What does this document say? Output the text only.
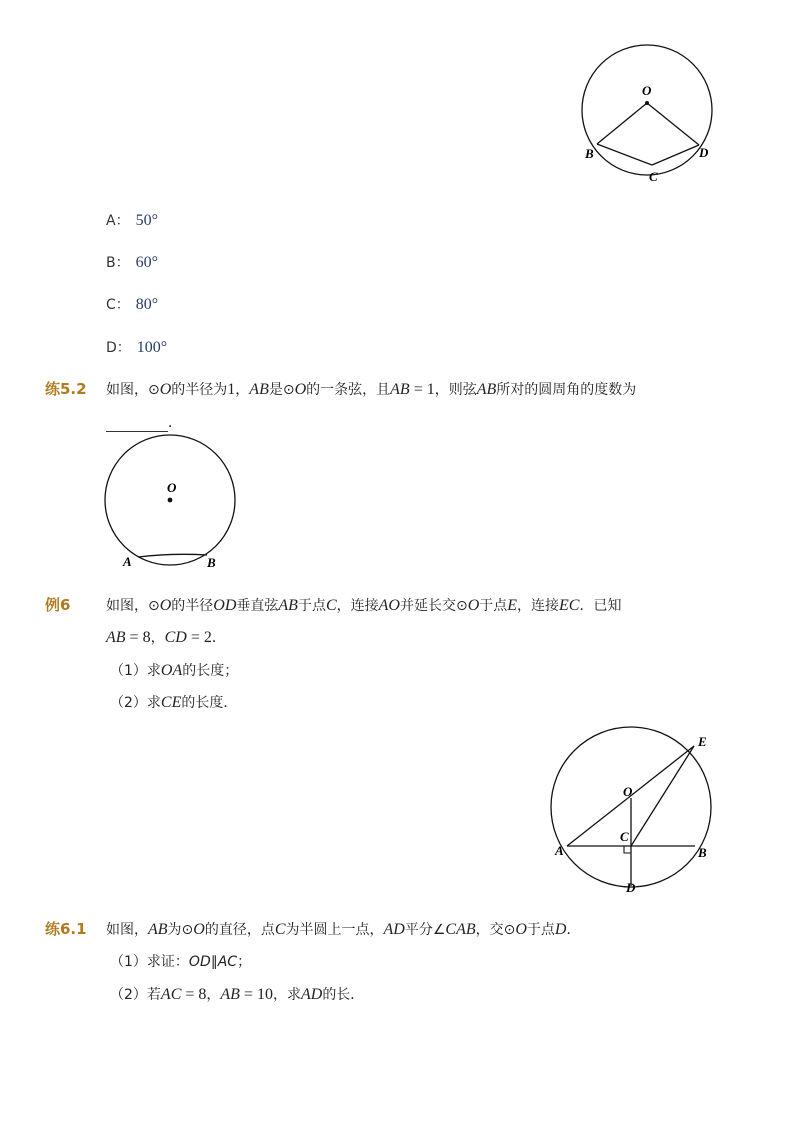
O
B
C
D
A： 50°
B： 60°
C： 80°
D： 100°
练5.2 如图，⊙O的半径为1，AB是⊙O的一条弦，且AB = 1，则弦AB所对的圆周角的度数为
．
O
A	B
例6	如图，⊙O的半径OD垂直弦AB于点C，连接AO并延长交⊙O于点E，连接EC．已知
AB = 8，CD = 2．
（1）求OA的长度；
（2）求CE的长度．
E
O
C
A	B
D
练6.1 如图，AB为⊙O的直径，点C为半圆上一点，AD平分∠CAB，交⊙O于点D．
（1）求证：OD∥AC；
（2）若AC = 8，AB = 10，求AD的长．
